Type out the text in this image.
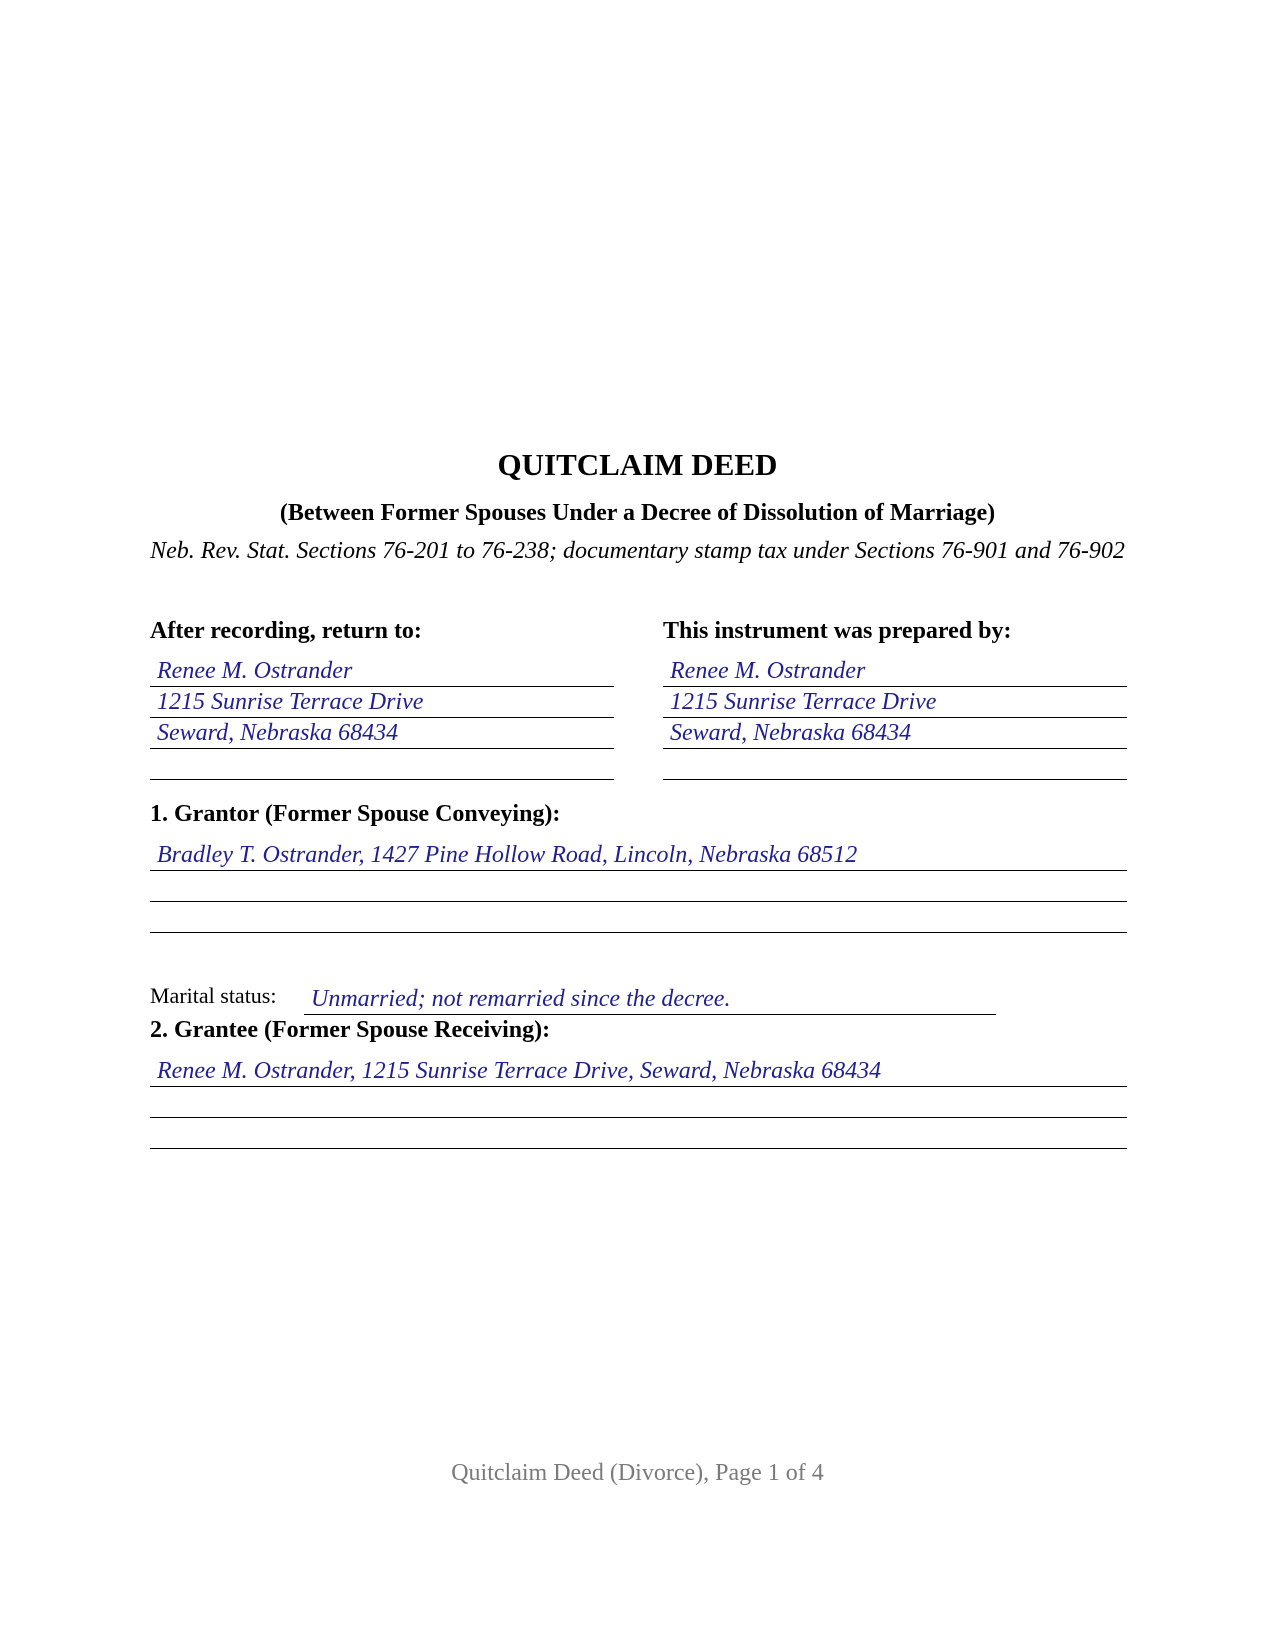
QUITCLAIM DEED
(Between Former Spouses Under a Decree of Dissolution of Marriage)
Neb. Rev. Stat. Sections 76-201 to 76-238; documentary stamp tax under Sections 76-901 and 76-902
After recording, return to:
Renee M. Ostrander
1215 Sunrise Terrace Drive
Seward, Nebraska 68434
This instrument was prepared by:
Renee M. Ostrander
1215 Sunrise Terrace Drive
Seward, Nebraska 68434
1. Grantor (Former Spouse Conveying):
Bradley T. Ostrander, 1427 Pine Hollow Road, Lincoln, Nebraska 68512
Marital status: Unmarried; not remarried since the decree.
2. Grantee (Former Spouse Receiving):
Renee M. Ostrander, 1215 Sunrise Terrace Drive, Seward, Nebraska 68434
Quitclaim Deed (Divorce), Page 1 of 4
